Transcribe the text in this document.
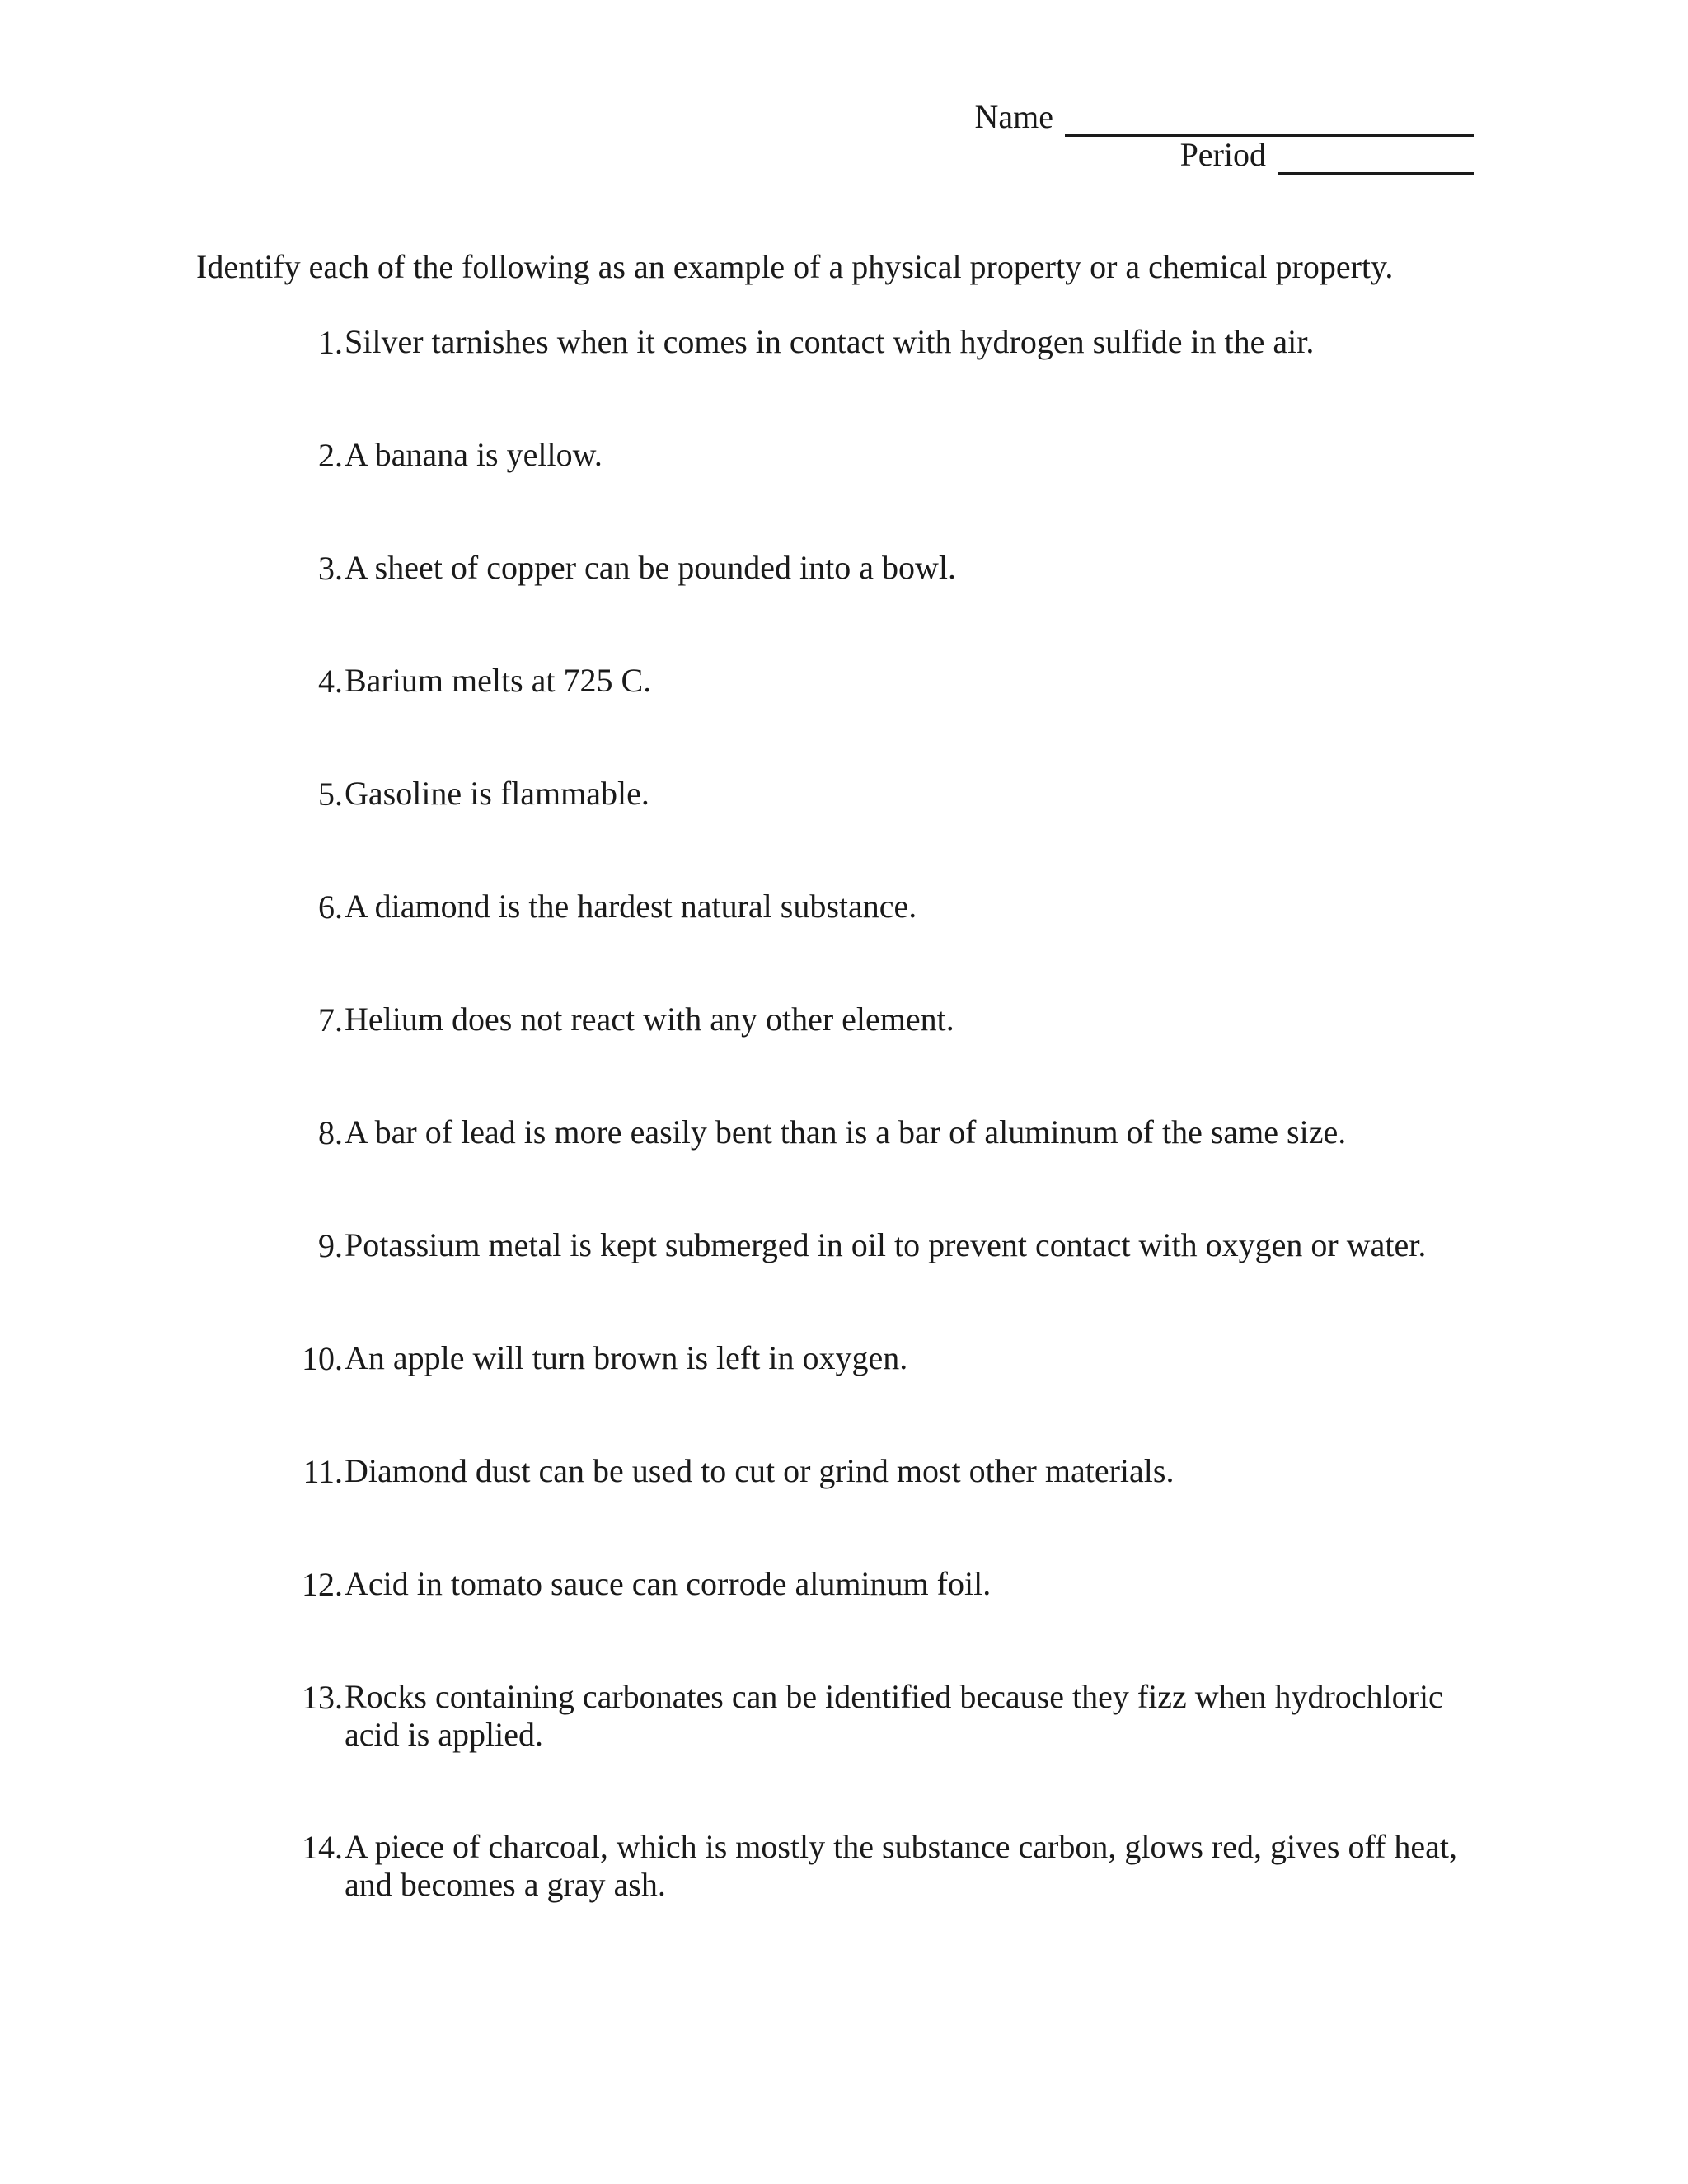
Name
Period
Identify each of the following as an example of a physical property or a chemical property.
1. Silver tarnishes when it comes in contact with hydrogen sulfide in the air.
2. A banana is yellow.
3. A sheet of copper can be pounded into a bowl.
4. Barium melts at 725 C.
5. Gasoline is flammable.
6. A diamond is the hardest natural substance.
7. Helium does not react with any other element.
8. A bar of lead is more easily bent than is a bar of aluminum of the same size.
9. Potassium metal is kept submerged in oil to prevent contact with oxygen or water.
10. An apple will turn brown is left in oxygen.
11. Diamond dust can be used to cut or grind most other materials.
12. Acid in tomato sauce can corrode aluminum foil.
13. Rocks containing carbonates can be identified because they fizz when hydrochloric acid is applied.
14. A piece of charcoal, which is mostly the substance carbon, glows red, gives off heat, and becomes a gray ash.
